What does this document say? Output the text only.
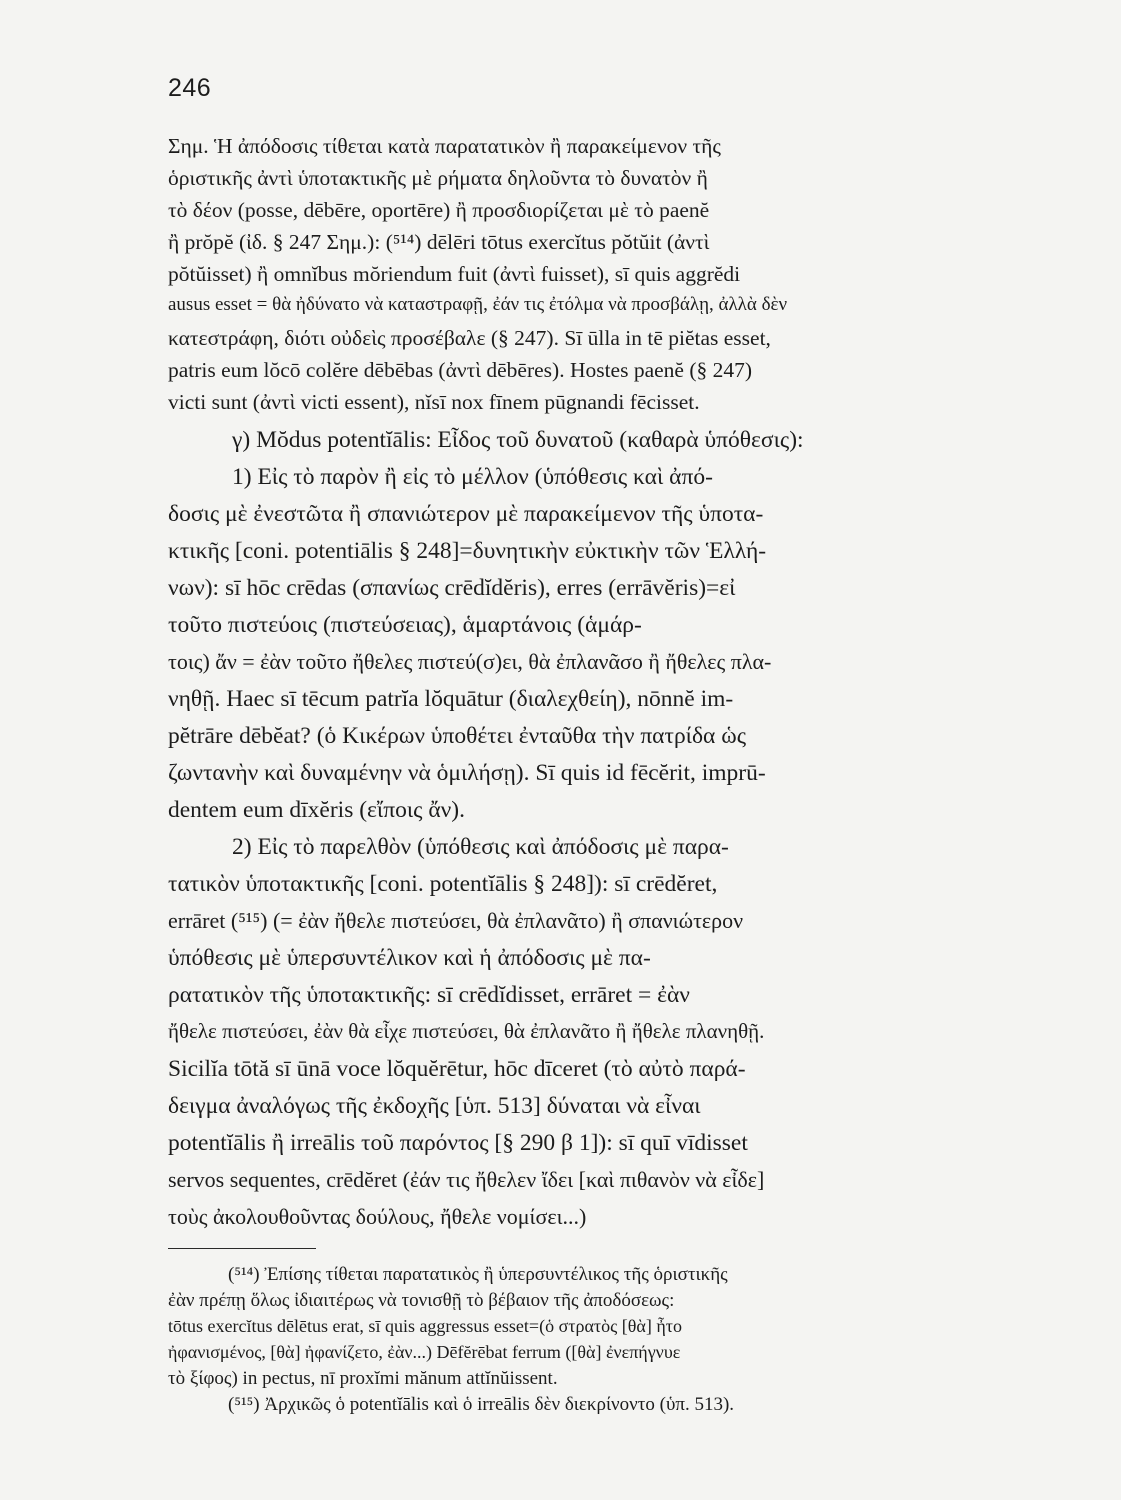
246
Σημ. Ἡ ἀπόδοσις τίθεται κατὰ παρατατικὸν ἢ παρακείμενον τῆς
ὁριστικῆς ἀντὶ ὑποτακτικῆς μὲ ρήματα δηλοῦντα τὸ δυνατὸν ἢ
τὸ δέον (posse, dēbēre, oportēre) ἢ προσδιορίζεται μὲ τὸ paenĕ
ἢ prŏpĕ (ἰδ. § 247 Σημ.): (⁵¹⁴) dēlēri tōtus exercĭtus pŏtŭit (ἀντὶ
pŏtŭisset) ἢ omnĭbus mŏriendum fuit (ἀντὶ fuisset), sī quis aggrĕdi
ausus esset = θὰ ἠδύνατο νὰ καταστραφῇ, ἐάν τις ἐτόλμα νὰ προσβάλῃ, ἀλλὰ δὲν
κατεστράφη, διότι οὐδεὶς προσέβαλε (§ 247). Sī ūlla in tē piĕtas esset,
patris eum lŏcō colĕre dēbēbas (ἀντὶ dēbēres). Hostes paenĕ (§ 247)
victi sunt (ἀντὶ victi essent), nĭsī nox fīnem pūgnandi fēcisset.
γ) Mŏdus potentĭālis: Εἶδος τοῦ δυνατοῦ (καθαρὰ ὑπόθεσις):
1) Εἰς τὸ παρὸν ἢ εἰς τὸ μέλλον (ὑπόθεσις καὶ ἀπό-
δοσις μὲ ἐνεστῶτα ἢ σπανιώτερον μὲ παρακείμενον τῆς ὑποτα-
κτικῆς [coni. potentiālis § 248]=δυνητικὴν εὐκτικὴν τῶν Ἑλλή-
νων): sī hōc crēdas (σπανίως crēdĭdĕris), erres (errāvĕris)=εἰ
τοῦτο πιστεύοις (πιστεύσειας), ἁμαρτάνοις (ἁμάρ-
τοις) ἄν = ἐὰν τοῦτο ἤθελες πιστεύ(σ)ει, θὰ ἐπλανᾶσο ἢ ἤθελες πλα-
νηθῇ. Haec sī tēcum patrĭa lŏquātur (διαλεχθείη), nōnnĕ im-
pĕtrāre dēbĕat? (ὁ Κικέρων ὑποθέτει ἐνταῦθα τὴν πατρίδα ὡς
ζωντανὴν καὶ δυναμένην νὰ ὁμιλήσῃ). Sī quis id fēcĕrit, imprū-
dentem eum dīxĕris (εἴποις ἄν).
2) Εἰς τὸ παρελθὸν (ὑπόθεσις καὶ ἀπόδοσις μὲ παρα-
τατικὸν ὑποτακτικῆς [coni. potentĭālis § 248]): sī crēdĕret,
errāret (⁵¹⁵) (= ἐὰν ἤθελε πιστεύσει, θὰ ἐπλανᾶτο) ἢ σπανιώτερον
ὑπόθεσις μὲ ὑπερσυντέλικον καὶ ἡ ἀπόδοσις μὲ πα-
ρατατικὸν τῆς ὑποτακτικῆς: sī crēdĭdisset, errāret = ἐὰν
ἤθελε πιστεύσει, ἐὰν θὰ εἶχε πιστεύσει, θὰ ἐπλανᾶτο ἢ ἤθελε πλανηθῇ.
Sicilĭa tōtă sī ūnā voce lŏquĕrētur, hōc dīceret (τὸ αὐτὸ παρά-
δειγμα ἀναλόγως τῆς ἐκδοχῆς [ὑπ. 513] δύναται νὰ εἶναι
potentĭālis ἢ irreālis τοῦ παρόντος [§ 290 β 1]): sī quī vīdisset
servos sequentes, crēdĕret (ἐάν τις ἤθελεν ἴδει [καὶ πιθανὸν νὰ εἶδε]
τοὺς ἀκολουθοῦντας δούλους, ἤθελε νομίσει...)
(⁵¹⁴) Ἐπίσης τίθεται παρατατικὸς ἢ ὑπερσυντέλικος τῆς ὁριστικῆς
ἐὰν πρέπῃ ὅλως ἰδιαιτέρως νὰ τονισθῇ τὸ βέβαιον τῆς ἀποδόσεως:
tōtus exercĭtus dēlētus erat, sī quis aggressus esset=(ὁ στρατὸς [θὰ] ἦτο
ἠφανισμένος, [θὰ] ἠφανίζετο, ἐὰν...) Dēfĕrēbat ferrum ([θὰ] ἐνεπήγνυε
τὸ ξίφος) in pectus, nī proxĭmi mănum attĭnŭissent.
(⁵¹⁵) Ἀρχικῶς ὁ potentĭālis καὶ ὁ irreālis δὲν διεκρίνοντο (ὑπ. 513).
